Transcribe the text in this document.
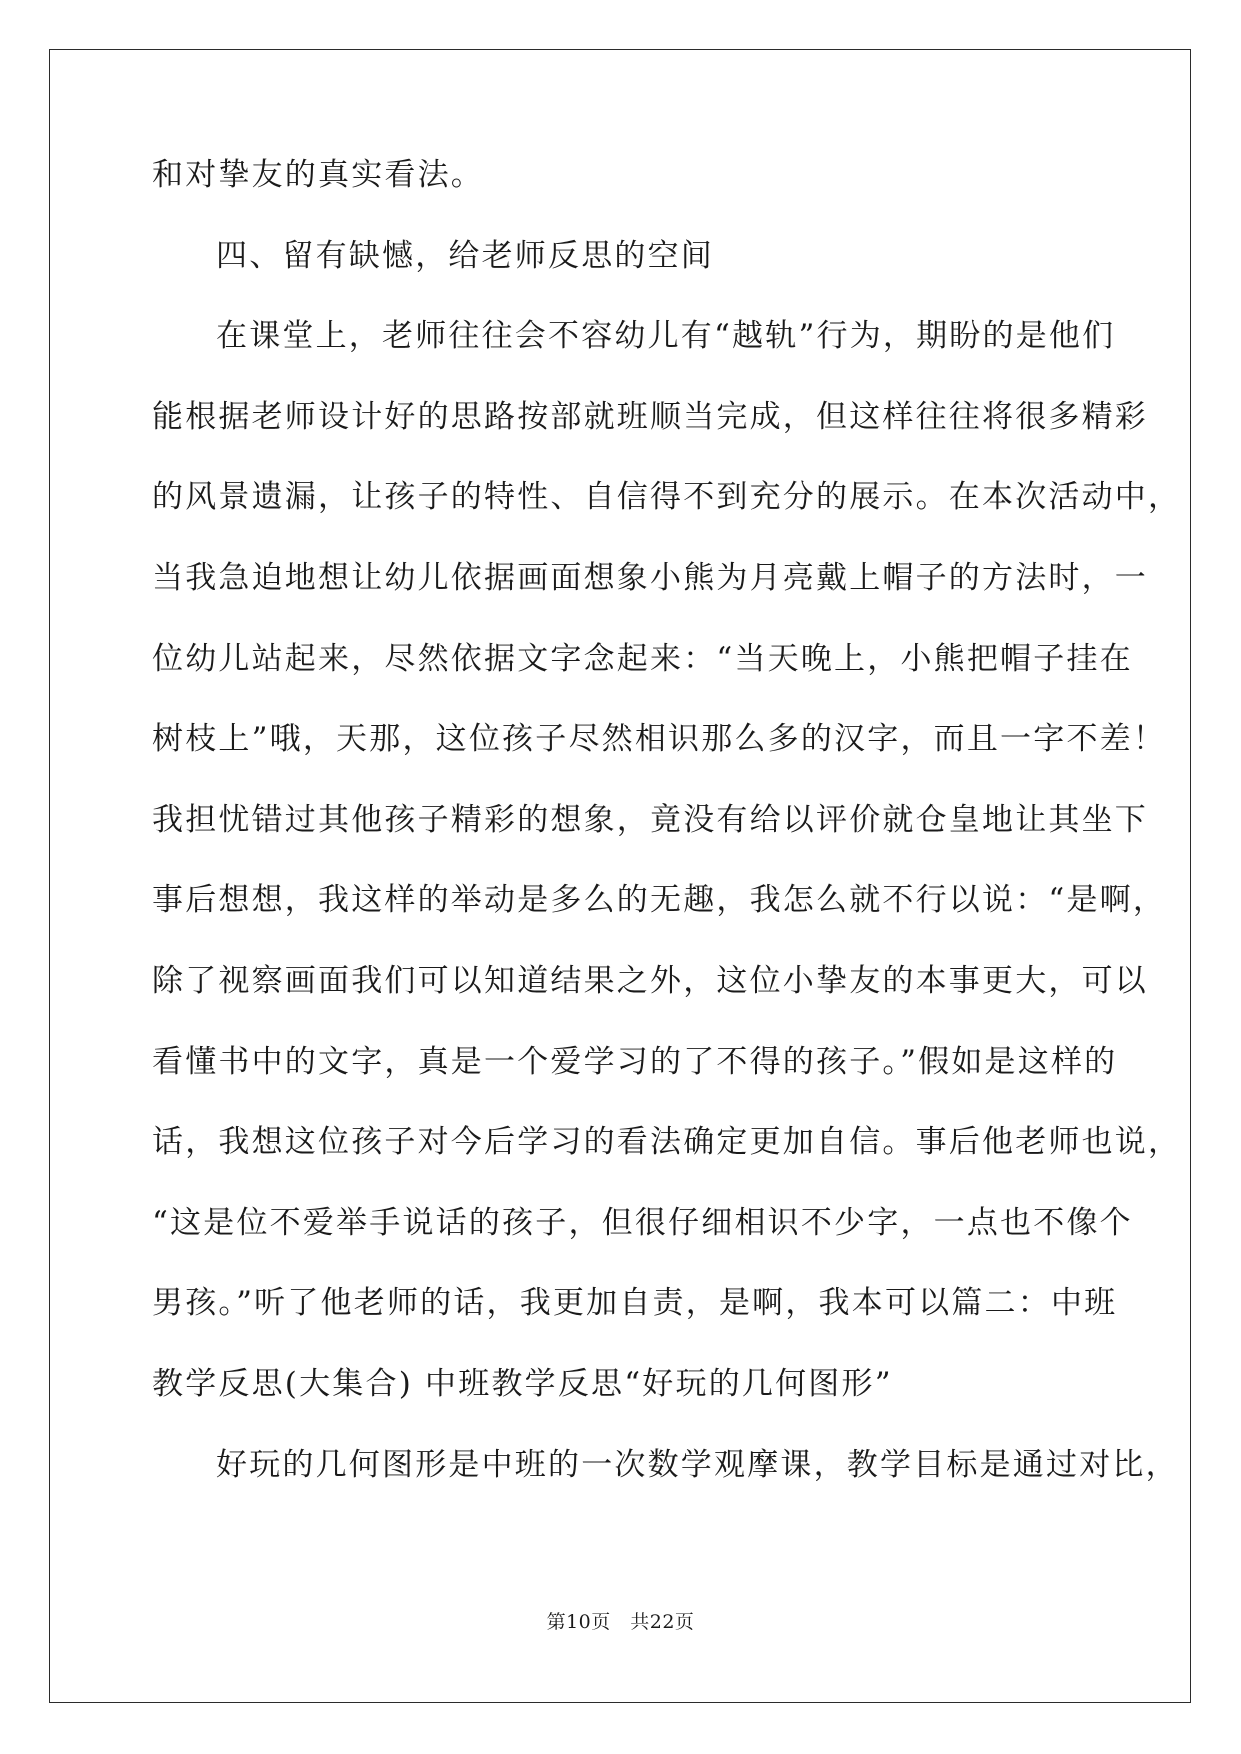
和对挚友的真实看法。
四、留有缺憾，给老师反思的空间
在课堂上，老师往往会不容幼儿有“越轨”行为，期盼的是他们
能根据老师设计好的思路按部就班顺当完成，但这样往往将很多精彩
的风景遗漏，让孩子的特性、自信得不到充分的展示。在本次活动中，
当我急迫地想让幼儿依据画面想象小熊为月亮戴上帽子的方法时，一
位幼儿站起来，尽然依据文字念起来：“当天晚上，小熊把帽子挂在
树枝上”哦，天那，这位孩子尽然相识那么多的汉字，而且一字不差！
我担忧错过其他孩子精彩的想象，竟没有给以评价就仓皇地让其坐下
事后想想，我这样的举动是多么的无趣，我怎么就不行以说：“是啊，
除了视察画面我们可以知道结果之外，这位小挚友的本事更大，可以
看懂书中的文字，真是一个爱学习的了不得的孩子。”假如是这样的
话，我想这位孩子对今后学习的看法确定更加自信。事后他老师也说，
“这是位不爱举手说话的孩子，但很仔细相识不少字，一点也不像个
男孩。”听了他老师的话，我更加自责，是啊，我本可以篇二：中班
教学反思(大集合) 中班教学反思“好玩的几何图形”
好玩的几何图形是中班的一次数学观摩课，教学目标是通过对比，
第10页　共22页
